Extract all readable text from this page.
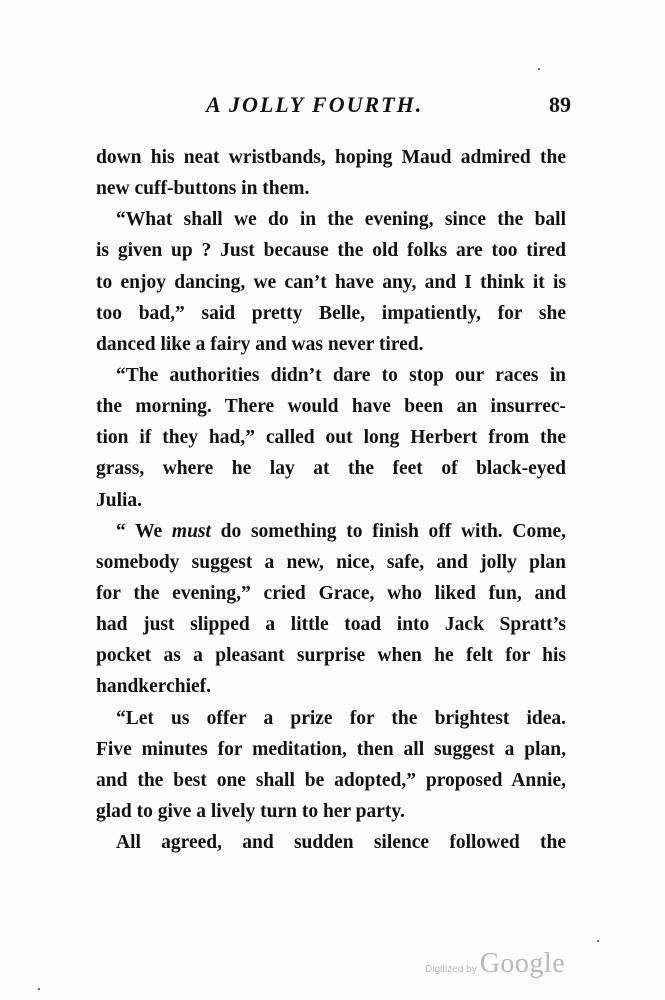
A JOLLY FOURTH.	89
down his neat wristbands, hoping Maud admired the
new cuff-buttons in them.
“What shall we do in the evening, since the ball
is given up ? Just because the old folks are too tired
to enjoy dancing, we can’t have any, and I think it is
too bad,” said pretty Belle, impatiently, for she
danced like a fairy and was never tired.
“The authorities didn’t dare to stop our races in
the morning. There would have been an insurrec-
tion if they had,” called out long Herbert from the
grass, where he lay at the feet of black-eyed
Julia.
“ We must do something to finish off with. Come,
somebody suggest a new, nice, safe, and jolly plan
for the evening,” cried Grace, who liked fun, and
had just slipped a little toad into Jack Spratt’s
pocket as a pleasant surprise when he felt for his
handkerchief.
“Let us offer a prize for the brightest idea.
Five minutes for meditation, then all suggest a plan,
and the best one shall be adopted,” proposed Annie,
glad to give a lively turn to her party.
All agreed, and sudden silence followed the
Digitized by Google
